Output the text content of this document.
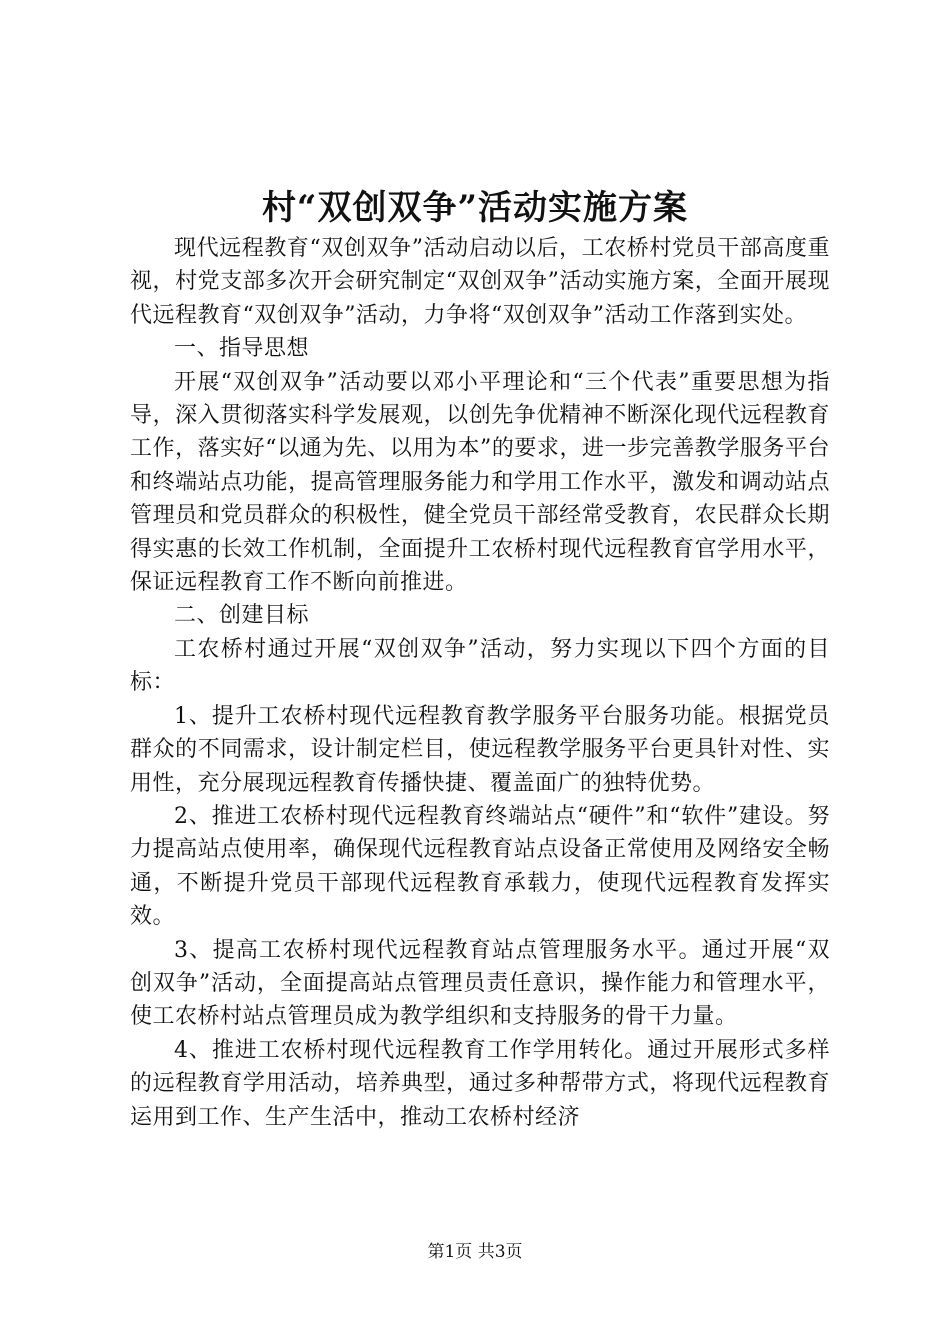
村“双创双争”活动实施方案

现代远程教育“双创双争”活动启动以后，工农桥村党员干部高度重视，村党支部多次开会研究制定“双创双争”活动实施方案，全面开展现代远程教育“双创双争”活动，力争将“双创双争”活动工作落到实处。

一、指导思想

开展“双创双争”活动要以邓小平理论和“三个代表”重要思想为指导，深入贯彻落实科学发展观，以创先争优精神不断深化现代远程教育工作，落实好“以通为先、以用为本”的要求，进一步完善教学服务平台和终端站点功能，提高管理服务能力和学用工作水平，激发和调动站点管理员和党员群众的积极性，健全党员干部经常受教育，农民群众长期得实惠的长效工作机制，全面提升工农桥村现代远程教育官学用水平，保证远程教育工作不断向前推进。

二、创建目标

工农桥村通过开展“双创双争”活动，努力实现以下四个方面的目标：

1、提升工农桥村现代远程教育教学服务平台服务功能。根据党员群众的不同需求，设计制定栏目，使远程教学服务平台更具针对性、实用性，充分展现远程教育传播快捷、覆盖面广的独特优势。

2、推进工农桥村现代远程教育终端站点“硬件”和“软件”建设。努力提高站点使用率，确保现代远程教育站点设备正常使用及网络安全畅通，不断提升党员干部现代远程教育承载力，使现代远程教育发挥实效。

3、提高工农桥村现代远程教育站点管理服务水平。通过开展“双创双争”活动，全面提高站点管理员责任意识，操作能力和管理水平，使工农桥村站点管理员成为教学组织和支持服务的骨干力量。

4、推进工农桥村现代远程教育工作学用转化。通过开展形式多样的远程教育学用活动，培养典型，通过多种帮带方式，将现代远程教育运用到工作、生产生活中，推动工农桥村经济

第1页 共3页
